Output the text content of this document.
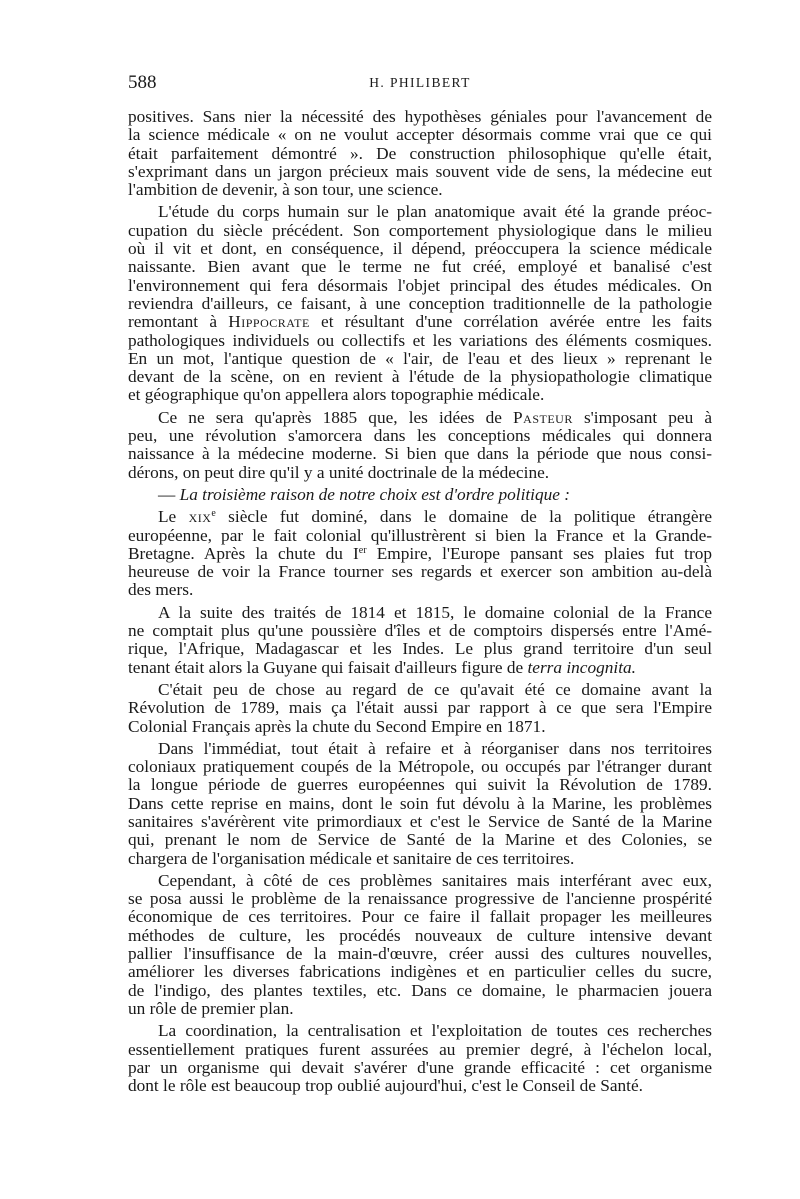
588	H. PHILIBERT

positives. Sans nier la nécessité des hypothèses géniales pour l'avancement de
la science médicale « on ne voulut accepter désormais comme vrai que ce qui
était parfaitement démontré ». De construction philosophique qu'elle était,
s'exprimant dans un jargon précieux mais souvent vide de sens, la médecine eut
l'ambition de devenir, à son tour, une science.

L'étude du corps humain sur le plan anatomique avait été la grande préoc-
cupation du siècle précédent. Son comportement physiologique dans le milieu
où il vit et dont, en conséquence, il dépend, préoccupera la science médicale
naissante. Bien avant que le terme ne fut créé, employé et banalisé c'est
l'environnement qui fera désormais l'objet principal des études médicales. On
reviendra d'ailleurs, ce faisant, à une conception traditionnelle de la pathologie
remontant à Hippocrate et résultant d'une corrélation avérée entre les faits
pathologiques individuels ou collectifs et les variations des éléments cosmiques.
En un mot, l'antique question de « l'air, de l'eau et des lieux » reprenant le
devant de la scène, on en revient à l'étude de la physiopathologie climatique
et géographique qu'on appellera alors topographie médicale.

Ce ne sera qu'après 1885 que, les idées de Pasteur s'imposant peu à
peu, une révolution s'amorcera dans les conceptions médicales qui donnera
naissance à la médecine moderne. Si bien que dans la période que nous consi-
dérons, on peut dire qu'il y a unité doctrinale de la médecine.

— La troisième raison de notre choix est d'ordre politique :

Le xix$^e$ siècle fut dominé, dans le domaine de la politique étrangère
européenne, par le fait colonial qu'illustrèrent si bien la France et la Grande-
Bretagne. Après la chute du Ier Empire, l'Europe pansant ses plaies fut trop
heureuse de voir la France tourner ses regards et exercer son ambition au-delà
des mers.

A la suite des traités de 1814 et 1815, le domaine colonial de la France
ne comptait plus qu'une poussière d'îles et de comptoirs dispersés entre l'Amé-
rique, l'Afrique, Madagascar et les Indes. Le plus grand territoire d'un seul
tenant était alors la Guyane qui faisait d'ailleurs figure de terra incognita.

C'était peu de chose au regard de ce qu'avait été ce domaine avant la
Révolution de 1789, mais ça l'était aussi par rapport à ce que sera l'Empire
Colonial Français après la chute du Second Empire en 1871.

Dans l'immédiat, tout était à refaire et à réorganiser dans nos territoires
coloniaux pratiquement coupés de la Métropole, ou occupés par l'étranger durant
la longue période de guerres européennes qui suivit la Révolution de 1789.
Dans cette reprise en mains, dont le soin fut dévolu à la Marine, les problèmes
sanitaires s'avérèrent vite primordiaux et c'est le Service de Santé de la Marine
qui, prenant le nom de Service de Santé de la Marine et des Colonies, se
chargera de l'organisation médicale et sanitaire de ces territoires.

Cependant, à côté de ces problèmes sanitaires mais interférant avec eux,
se posa aussi le problème de la renaissance progressive de l'ancienne prospérité
économique de ces territoires. Pour ce faire il fallait propager les meilleures
méthodes de culture, les procédés nouveaux de culture intensive devant
pallier l'insuffisance de la main-d'œuvre, créer aussi des cultures nouvelles,
améliorer les diverses fabrications indigènes et en particulier celles du sucre,
de l'indigo, des plantes textiles, etc. Dans ce domaine, le pharmacien jouera
un rôle de premier plan.

La coordination, la centralisation et l'exploitation de toutes ces recherches
essentiellement pratiques furent assurées au premier degré, à l'échelon local,
par un organisme qui devait s'avérer d'une grande efficacité : cet organisme
dont le rôle est beaucoup trop oublié aujourd'hui, c'est le Conseil de Santé.
